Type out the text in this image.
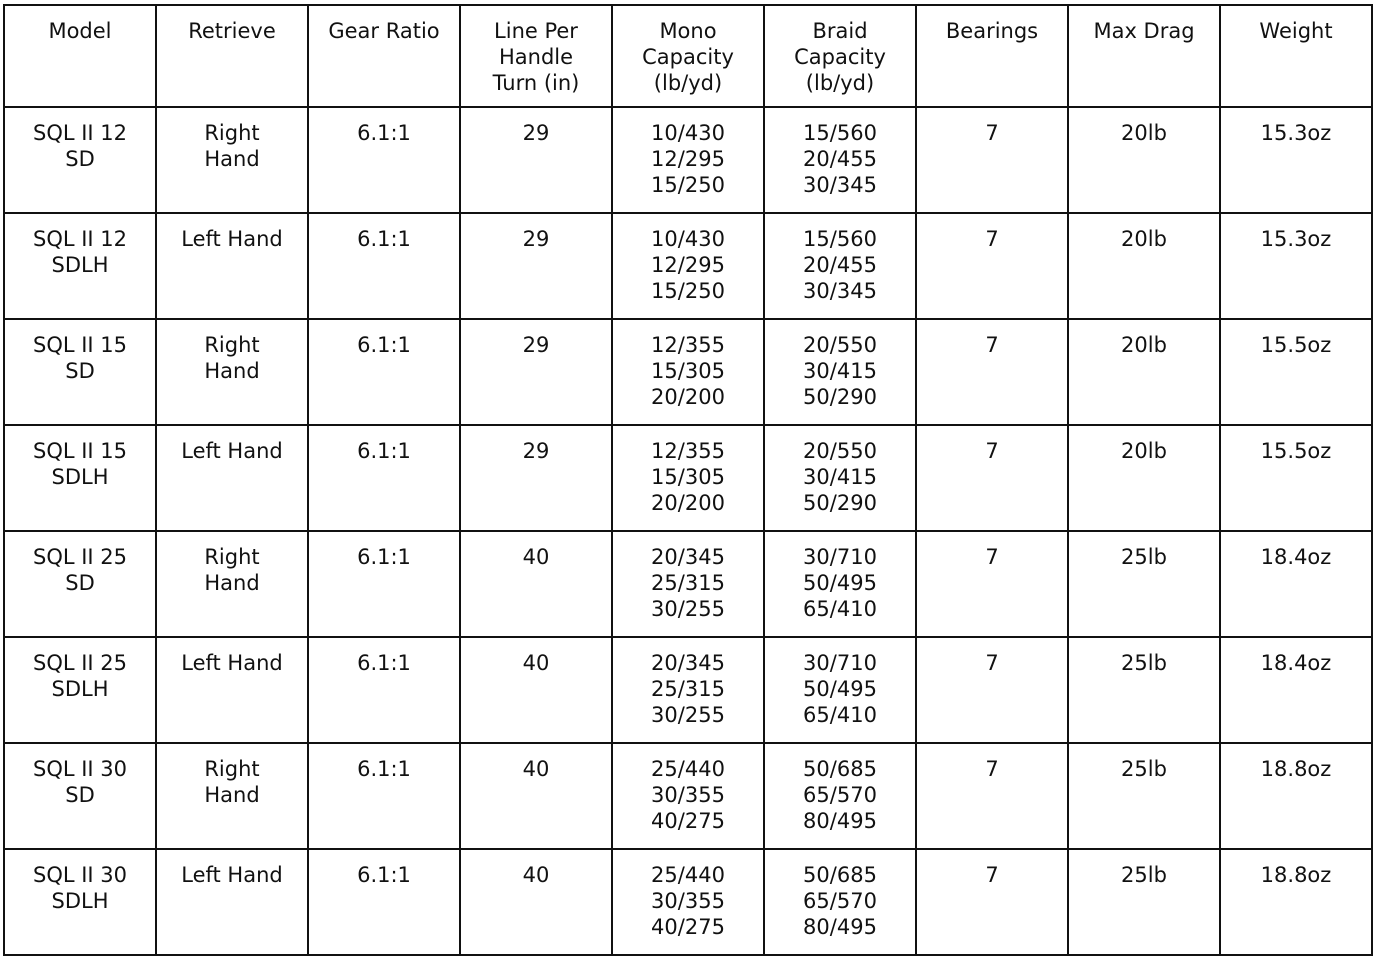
Model	Retrieve	Gear Ratio	Line Per
Handle
Turn (in)	Mono
Capacity
(lb/yd)	Braid
Capacity
(lb/yd)	Bearings	Max Drag	Weight

SQL II 12
SD	Right
Hand	6.1:1	29	10/430
12/295
15/250	15/560
20/455
30/345	7	20lb	15.3oz

SQL II 12
SDLH	Left Hand	6.1:1	29	10/430
12/295
15/250	15/560
20/455
30/345	7	20lb	15.3oz

SQL II 15
SD	Right
Hand	6.1:1	29	12/355
15/305
20/200	20/550
30/415
50/290	7	20lb	15.5oz

SQL II 15
SDLH	Left Hand	6.1:1	29	12/355
15/305
20/200	20/550
30/415
50/290	7	20lb	15.5oz

SQL II 25
SD	Right
Hand	6.1:1	40	20/345
25/315
30/255	30/710
50/495
65/410	7	25lb	18.4oz

SQL II 25
SDLH	Left Hand	6.1:1	40	20/345
25/315
30/255	30/710
50/495
65/410	7	25lb	18.4oz

SQL II 30
SD	Right
Hand	6.1:1	40	25/440
30/355
40/275	50/685
65/570
80/495	7	25lb	18.8oz

SQL II 30
SDLH	Left Hand	6.1:1	40	25/440
30/355
40/275	50/685
65/570
80/495	7	25lb	18.8oz
